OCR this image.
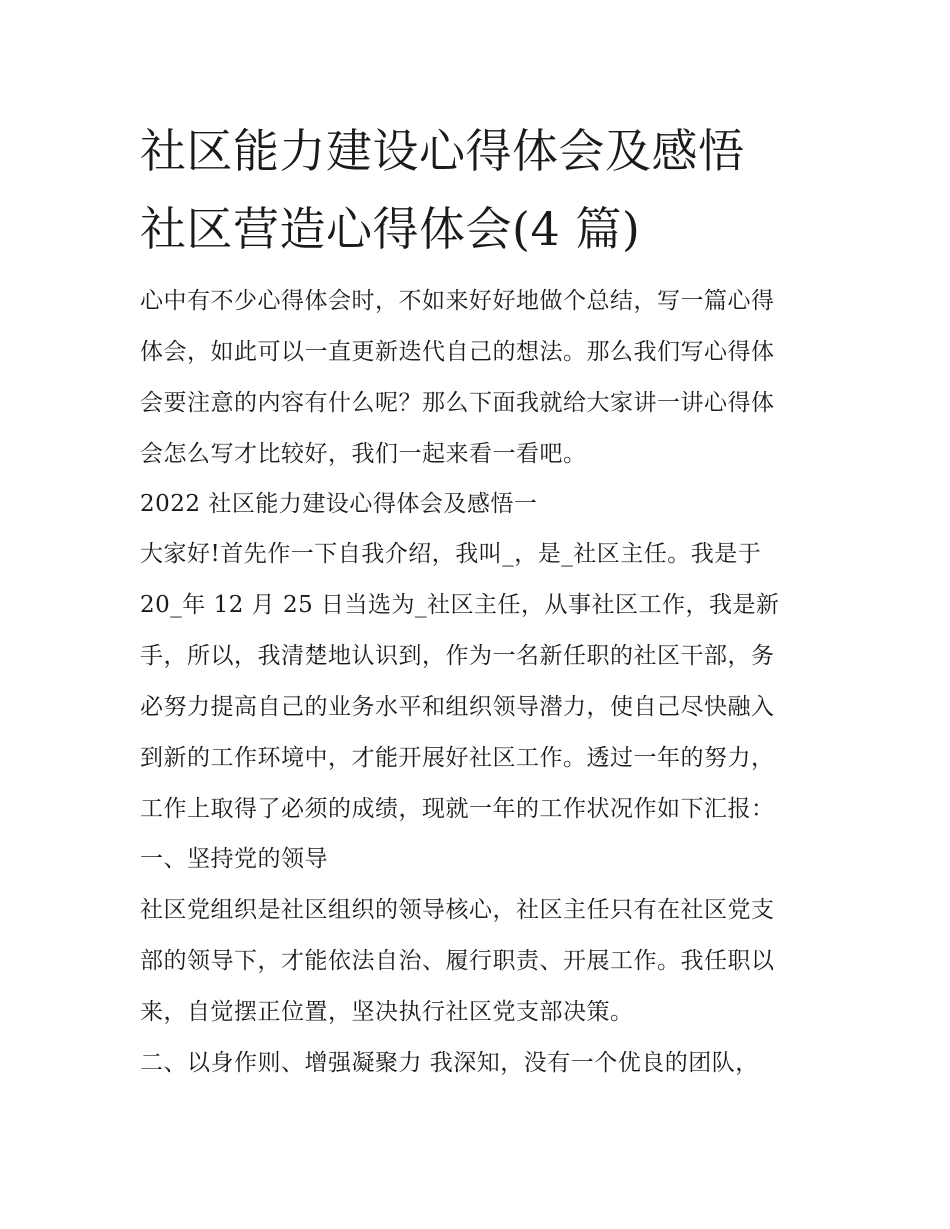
社区能力建设心得体会及感悟
社区营造心得体会(4 篇)
心中有不少心得体会时，不如来好好地做个总结，写一篇心得
体会，如此可以一直更新迭代自己的想法。那么我们写心得体
会要注意的内容有什么呢？那么下面我就给大家讲一讲心得体
会怎么写才比较好，我们一起来看一看吧。
2022 社区能力建设心得体会及感悟一
大家好!首先作一下自我介绍，我叫_，是_社区主任。我是于
20_年 12 月 25 日当选为_社区主任，从事社区工作，我是新
手，所以，我清楚地认识到，作为一名新任职的社区干部，务
必努力提高自己的业务水平和组织领导潜力，使自己尽快融入
到新的工作环境中，才能开展好社区工作。透过一年的努力，
工作上取得了必须的成绩，现就一年的工作状况作如下汇报：
一、坚持党的领导
社区党组织是社区组织的领导核心，社区主任只有在社区党支
部的领导下，才能依法自治、履行职责、开展工作。我任职以
来，自觉摆正位置，坚决执行社区党支部决策。
二、以身作则、增强凝聚力 我深知，没有一个优良的团队，
